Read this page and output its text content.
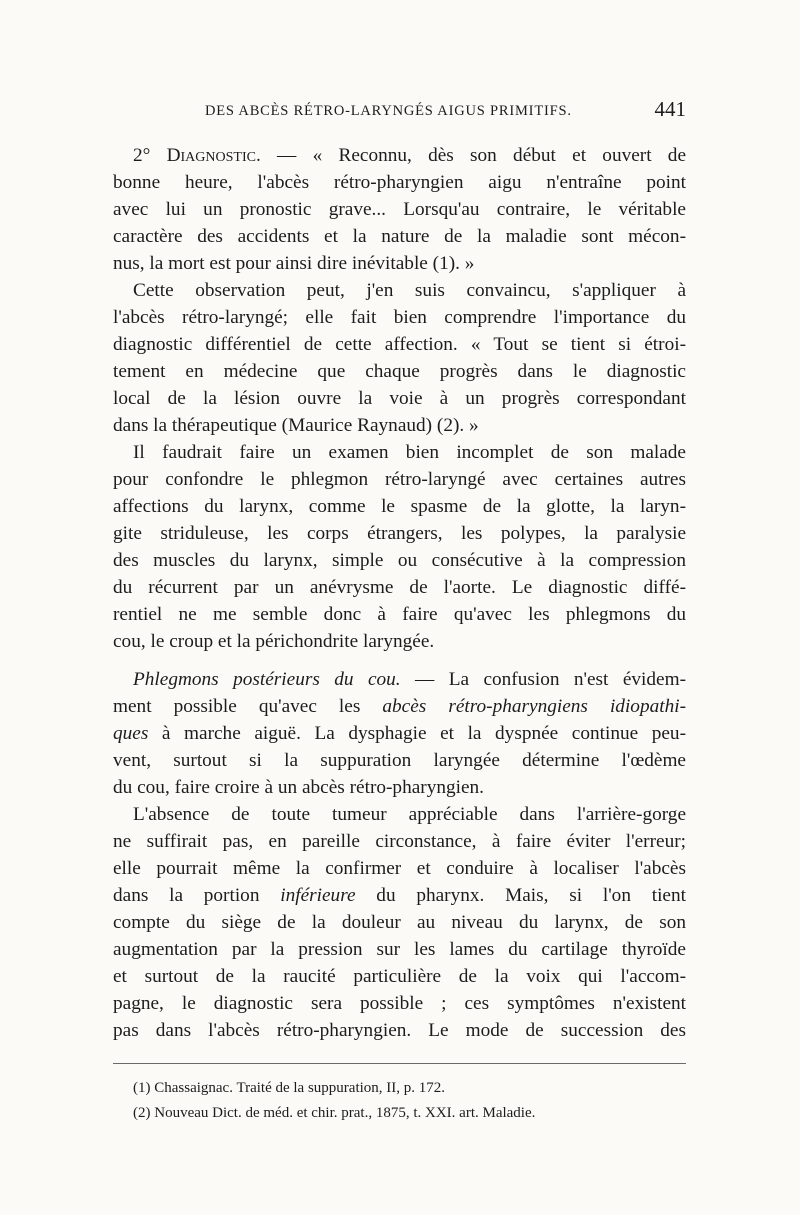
DES ABCÈS RÉTRO-LARYNGÉS AIGUS PRIMITIFS.	441
2° Diagnostic. — « Reconnu, dès son début et ouvert de
bonne heure, l'abcès rétro-pharyngien aigu n'entraîne point
avec lui un pronostic grave... Lorsqu'au contraire, le véritable
caractère des accidents et la nature de la maladie sont mécon-
nus, la mort est pour ainsi dire inévitable (1). »
Cette observation peut, j'en suis convaincu, s'appliquer à
l'abcès rétro-laryngé; elle fait bien comprendre l'importance du
diagnostic différentiel de cette affection. « Tout se tient si étroi-
tement en médecine que chaque progrès dans le diagnostic
local de la lésion ouvre la voie à un progrès correspondant
dans la thérapeutique (Maurice Raynaud) (2). »
Il faudrait faire un examen bien incomplet de son malade
pour confondre le phlegmon rétro-laryngé avec certaines autres
affections du larynx, comme le spasme de la glotte, la laryn-
gite striduleuse, les corps étrangers, les polypes, la paralysie
des muscles du larynx, simple ou consécutive à la compression
du récurrent par un anévrysme de l'aorte. Le diagnostic diffé-
rentiel ne me semble donc à faire qu'avec les phlegmons du
cou, le croup et la périchondrite laryngée.
Phlegmons postérieurs du cou. — La confusion n'est évidem-
ment possible qu'avec les abcès rétro-pharyngiens idiopathi-
ques à marche aiguë. La dysphagie et la dyspnée continue peu-
vent, surtout si la suppuration laryngée détermine l'œdème
du cou, faire croire à un abcès rétro-pharyngien.
L'absence de toute tumeur appréciable dans l'arrière-gorge
ne suffirait pas, en pareille circonstance, à faire éviter l'erreur;
elle pourrait même la confirmer et conduire à localiser l'abcès
dans la portion inférieure du pharynx. Mais, si l'on tient
compte du siège de la douleur au niveau du larynx, de son
augmentation par la pression sur les lames du cartilage thyroïde
et surtout de la raucité particulière de la voix qui l'accom-
pagne, le diagnostic sera possible ; ces symptômes n'existent
pas dans l'abcès rétro-pharyngien. Le mode de succession des
(1) Chassaignac. Traité de la suppuration, II, p. 172.
(2) Nouveau Dict. de méd. et chir. prat., 1875, t. XXI. art. Maladie.
